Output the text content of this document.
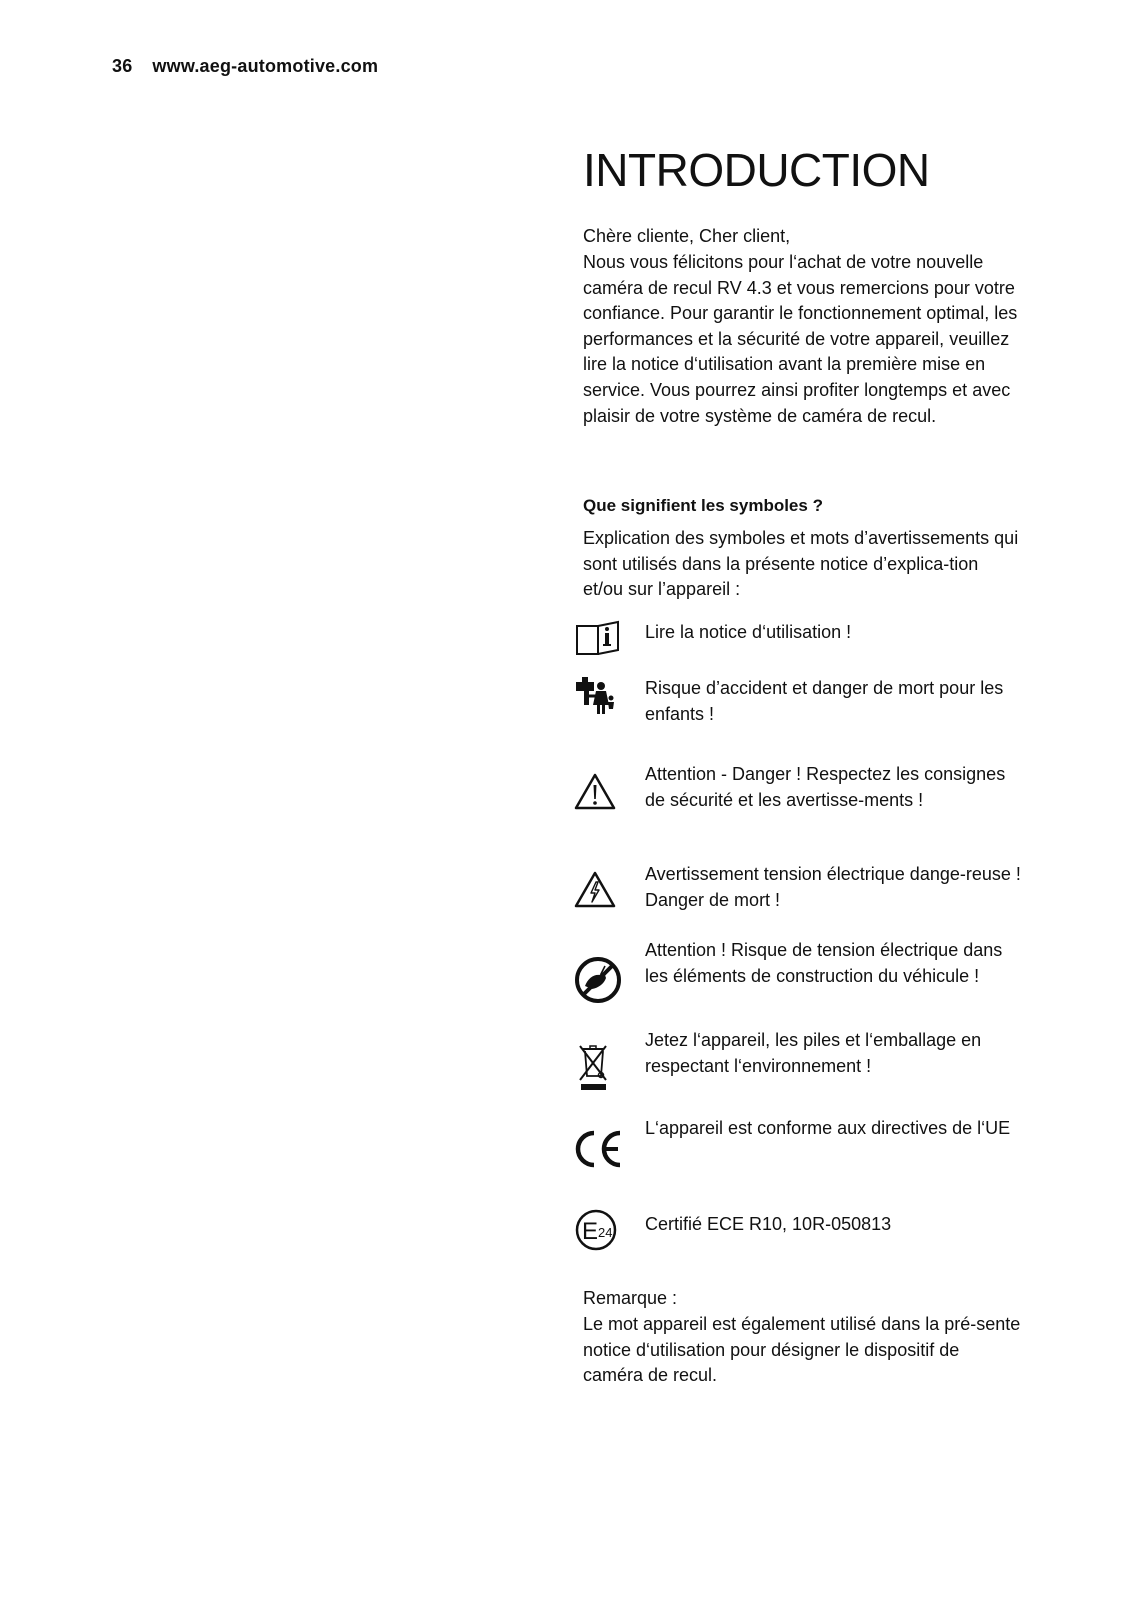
36 www.aeg-automotive.com
INTRODUCTION
Chère cliente, Cher client,
Nous vous félicitons pour l‘achat de votre nouvelle caméra de recul RV 4.3 et vous remercions pour votre confiance. Pour garantir le fonctionnement optimal, les performances et la sécurité de votre appareil, veuillez lire la notice d‘utilisation avant la première mise en service. Vous pourrez ainsi profiter longtemps et avec plaisir de votre système de caméra de recul.
Que signifient les symboles ?
Explication des symboles et mots d’avertissements qui sont utilisés dans la présente notice d’explica-tion et/ou sur l’appareil :
Lire la notice d‘utilisation !
Risque d’accident et danger de mort pour les enfants !
Attention - Danger ! Respectez les consignes de sécurité et les avertisse-ments !
Avertissement tension électrique dange-reuse ! Danger de mort !
Attention ! Risque de tension électrique dans les éléments de construction du véhicule !
Jetez l‘appareil, les piles et l‘emballage en respectant l‘environnement !
L‘appareil est conforme aux directives de l‘UE
E 24 Certifié ECE R10, 10R-050813
Remarque :
Le mot appareil est également utilisé dans la pré-sente notice d‘utilisation pour désigner le dispositif de caméra de recul.
